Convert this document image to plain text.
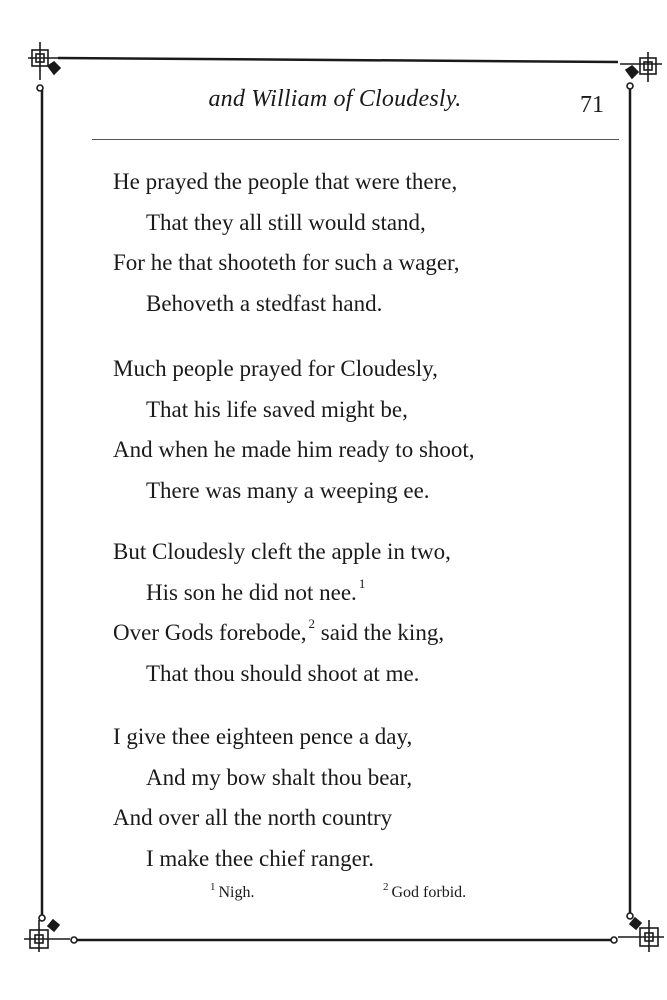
and William of Cloudesly.	71
He prayed the people that were there,
That they all still would stand,
For he that shooteth for such a wager,
Behoveth a stedfast hand.
Much people prayed for Cloudesly,
That his life saved might be,
And when he made him ready to shoot,
There was many a weeping ee.
But Cloudesly cleft the apple in two,
His son he did not nee. $^1$
Over Gods forebode, $^2$ said the king,
That thou should shoot at me.
I give thee eighteen pence a day,
And my bow shalt thou bear,
And over all the north country
I make thee chief ranger.
$^1$ Nigh.	$^2$ God forbid.
